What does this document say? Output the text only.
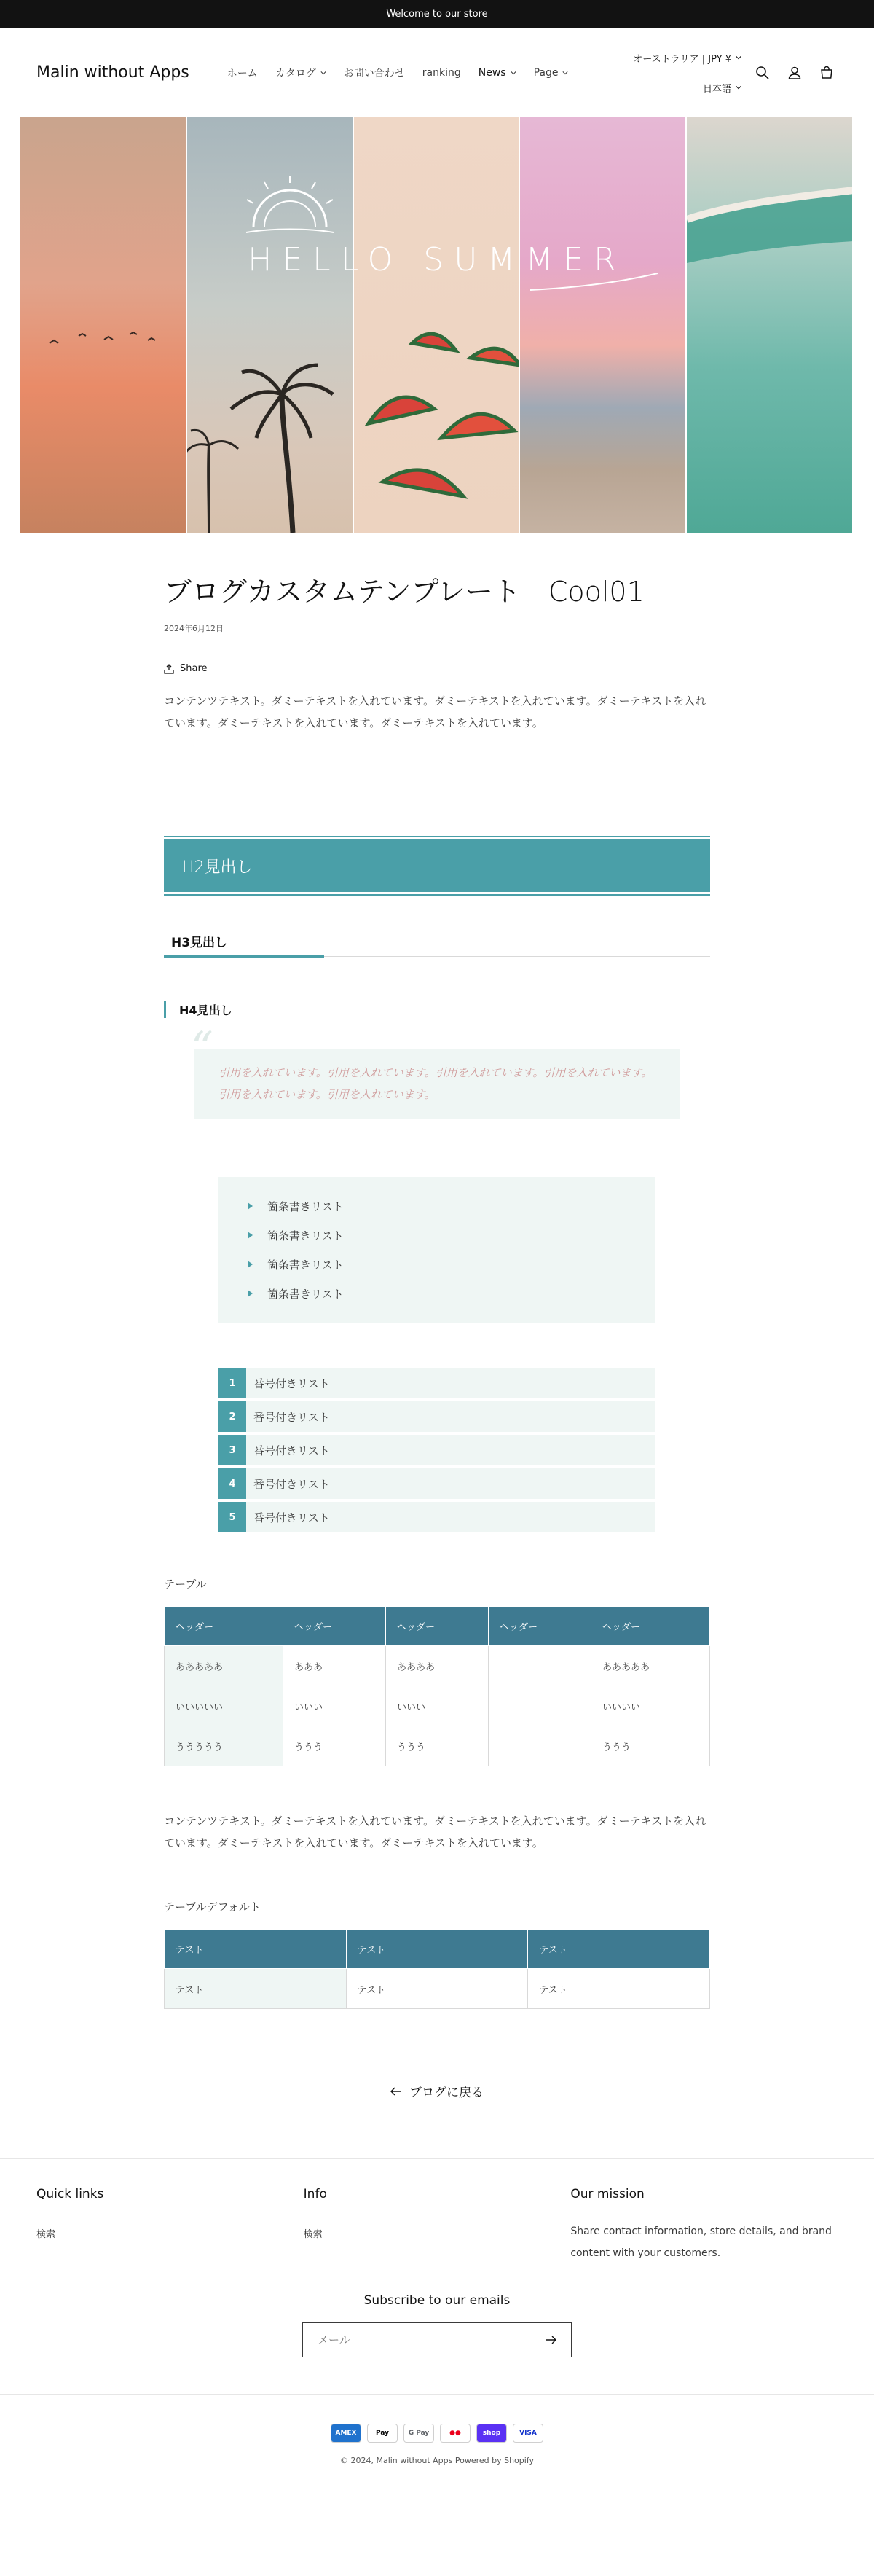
Welcome to our store
Malin without Apps	ホーム カタログ	お問い合わせ ranking News	Page
オーストラリア | JPY ¥
日本語
HELLO SUMMER
ブログカスタムテンプレート　Cool01
2024年6月12日
Share

コンテンツテキスト。ダミーテキストを入れています。ダミーテキストを入れています。ダミーテキストを入れています。ダミーテキストを入れています。ダミーテキストを入れています。

H2見出し
H3見出し
H4見出し
“ 引用を入れています。引用を入れています。引用を入れています。引用を入れています。引用を入れています。引用を入れています。
箇条書きリスト
箇条書きリスト
箇条書きリスト
箇条書きリスト
1	番号付きリスト
2	番号付きリスト
3	番号付きリスト
4	番号付きリスト
5	番号付きリスト
テーブル
ヘッダー	ヘッダー	ヘッダー	ヘッダー	ヘッダー
あああああ	あああ	ああああ		あああああ
いいいいい	いいい	いいい		いいいい
ううううう	ううう	ううう		ううう

コンテンツテキスト。ダミーテキストを入れています。ダミーテキストを入れています。ダミーテキストを入れています。ダミーテキストを入れています。ダミーテキストを入れています。

テーブルデフォルト
テスト	テスト	テスト
テスト	テスト	テスト
ブログに戻る
Quick links
検索
Info
検索
Our mission
Share contact information, store details, and brand content with your customers.
Subscribe to our emails
メール
AMEX	Pay	G Pay	●●	shop	VISA
© 2024, Malin without Apps Powered by Shopify
